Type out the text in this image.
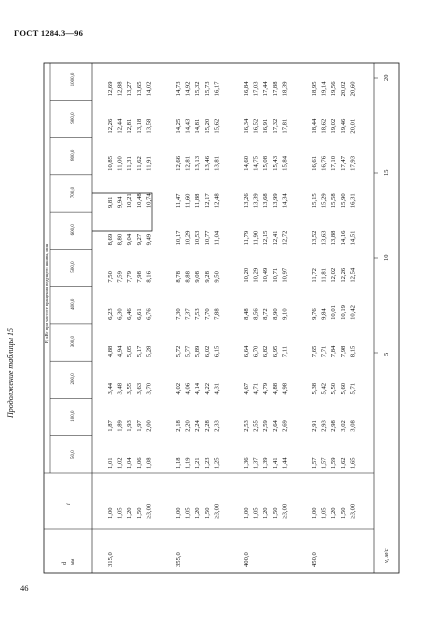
ГОСТ 1284.3—96
Продолжение таблицы 15
46
d мм
i
P, кВт при частоте вращения ведущего шкива, мин
50,0
100,0
200,0
300,0
400,0
500,0
600,0
700,0
800,0
900,0
1000,0
315,0
1,00 1,05 1,20 1,50 ≥3,00
1,01 1,02 1,04 1,06 1,08
1,87 1,89 1,93 1,97 2,00
3,44 3,48 3,55 3,63 3,70
4,88 4,94 5,05 5,17 5,28
6,23 6,30 6,46 6,61 6,76
7,50 7,59 7,79 7,98 8,16
8,69 8,80 9,04 9,27 9,49
9,81 9,94 10,21 10,48 10,74
10,85 11,00 11,31 11,62 11,91
12,26 12,44 12,81 13,18 13,58
12,69 12,88 13,27 13,65 14,02
355,0
1,00 1,05 1,20 1,50 ≥3,00
1,18 1,19 1,21 1,23 1,25
2,18 2,20 2,24 2,28 2,33
4,02 4,06 4,14 4,22 4,31
5,72 5,77 5,89 6,02 6,15
7,30 7,37 7,53 7,70 7,88
8,78 8,88 9,08 9,28 9,50
10,17 10,29 10,53 10,77 11,04
11,47 11,60 11,88 12,17 12,48
12,66 12,81 13,13 13,46 13,81
14,25 14,43 14,81 15,20 15,62
14,73 14,92 15,32 15,73 16,17
400,0
1,00 1,05 1,20 1,50 ≥3,00
1,36 1,37 1,39 1,41 1,44
2,53 2,55 2,59 2,64 2,69
4,67 4,71 4,79 4,88 4,98
6,64 6,70 6,82 6,95 7,11
8,48 8,56 8,72 8,90 9,10
10,20 10,29 10,49 10,71 10,97
11,79 11,90 12,15 12,41 12,72
13,26 13,39 13,68 13,99 14,34
14,60 14,75 15,08 15,43 15,84
16,34 16,52 16,91 17,32 17,81
16,84 17,03 17,44 17,88 18,39
450,0
1,00 1,05 1,20 1,50 ≥3,00
1,57 1,57 1,59 1,62 1,65
2,91 2,93 2,98 3,02 3,08
5,38 5,42 5,50 5,60 5,71
7,65 7,71 7,84 7,98 8,15
9,76 9,84 10,01 10,19 10,42
11,72 11,81 12,02 12,26 12,54
13,52 13,63 13,88 14,16 14,51
15,15 15,29 15,58 15,90 16,31
16,61 16,76 17,10 17,47 17,93
18,44 18,62 19,02 19,46 20,01
18,95 19,14 19,56 20,02 20,60
v, м/с
5
10
15
20
